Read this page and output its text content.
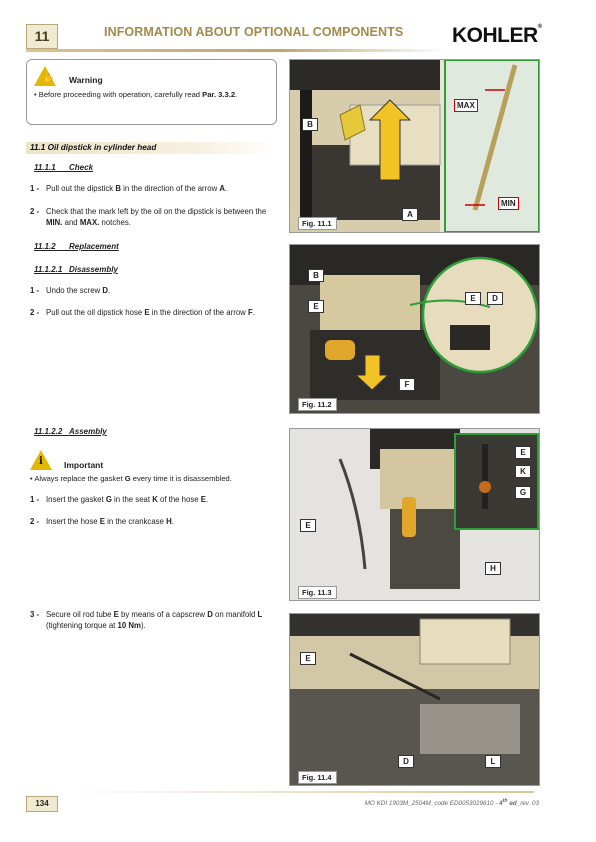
11	INFORMATION ABOUT OPTIONAL COMPONENTS KOHLER®
✋ Warning
• Before proceeding with operation, carefully read Par. 3.3.2.
11.1 Oil dipstick in cylinder head
11.1.1 Check
1 - Pull out the dipstick B in the direction of the arrow A.
2 - Check that the mark left by the oil on the dipstick is between the MIN. and MAX. notches.
11.1.2 Replacement
11.1.2.1 Disassembly
1 - Undo the screw D.
2 - Pull out the oil dipstick hose E in the direction of the arrow F.
11.1.2.2 Assembly
i Important
• Always replace the gasket G every time it is disassembled.
1 - Insert the gasket G in the seat K of the hose E.
2 - Insert the hose E in the crankcase H.
3 - Secure oil rod tube E by means of a capscrew D on manifold L (tightening torque at 10 Nm).
B
A
MAX
MIN
Fig. 11.1
B
E
E	D
F
Fig. 11.2
E
E
K
G
H
Fig. 11.3
E
D	L
Fig. 11.4
134	MO KDI 1903M_2504M_code ED0053029610 - 4th ed_rev. 03
